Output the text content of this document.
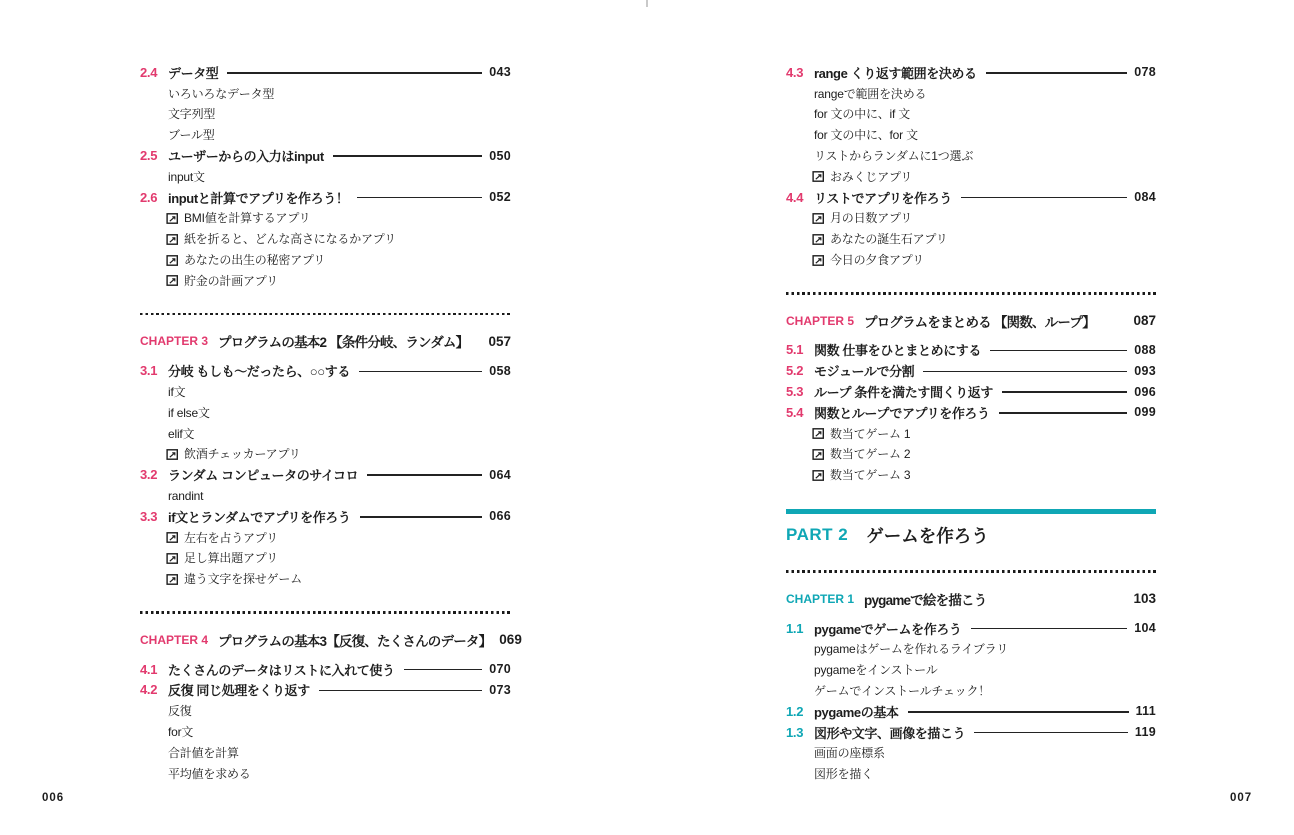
2.4 データ型	043
いろいろなデータ型
文字列型
ブール型
2.5 ユーザーからの入力はinput	050
input文
2.6 inputと計算でアプリを作ろう！	052
BMI値を計算するアプリ
紙を折ると、どんな高さになるかアプリ
あなたの出生の秘密アプリ
貯金の計画アプリ
CHAPTER 3 プログラムの基本2 【条件分岐、ランダム】	057
3.1 分岐 もしも〜だったら、○○する	058
if文
if else文
elif文
飲酒チェッカーアプリ
3.2 ランダム コンピュータのサイコロ	064
randint
3.3 if文とランダムでアプリを作ろう	066
左右を占うアプリ
足し算出題アプリ
違う文字を探せゲーム
CHAPTER 4 プログラムの基本3【反復、たくさんのデータ】 069
4.1 たくさんのデータはリストに入れて使う	070
4.2 反復 同じ処理をくり返す	073
反復
for文
合計値を計算
平均値を求める
4.3 range くり返す範囲を決める	078
rangeで範囲を決める
for 文の中に、if 文
for 文の中に、for 文
リストからランダムに1つ選ぶ
おみくじアプリ
4.4 リストでアプリを作ろう	084
月の日数アプリ
あなたの誕生石アプリ
今日の夕食アプリ
CHAPTER 5 プログラムをまとめる 【関数、ループ】	087
5.1 関数 仕事をひとまとめにする	088
5.2 モジュールで分割	093
5.3 ループ 条件を満たす間くり返す	096
5.4 関数とループでアプリを作ろう	099
数当てゲーム 1
数当てゲーム 2
数当てゲーム 3
PART 2 ゲームを作ろう
CHAPTER 1 pygameで絵を描こう	103
1.1 pygameでゲームを作ろう	104
pygameはゲームを作れるライブラリ
pygameをインストール
ゲームでインストールチェック！
1.2 pygameの基本	111
1.3 図形や文字、画像を描こう	119
画面の座標系
図形を描く
006	007
